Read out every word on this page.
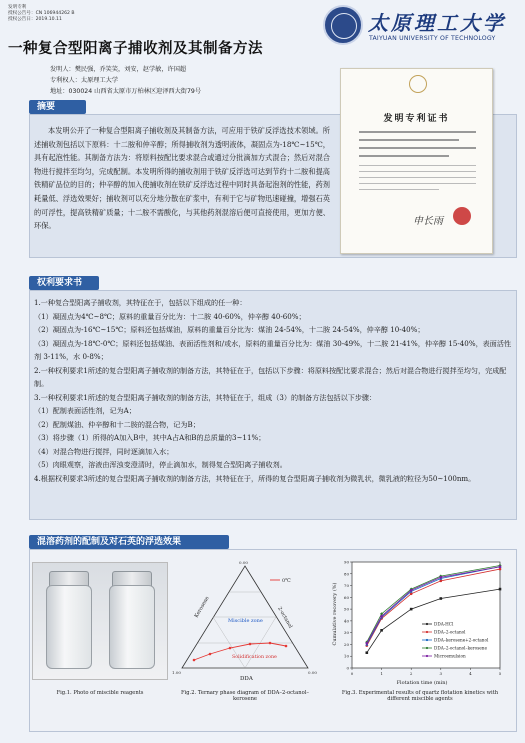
发明专利
授权公告号：CN 106944262 B
授权公告日：2019.10.11
一种复合型阳离子捕收剂及其制备方法
太原理工大学
TAIYUAN UNIVERSITY OF TECHNOLOGY
发明人：樊民强，乔笑笑，刘安，赵学敏，许国超
专利权人：太原理工大学
地址：030024 山西省太原市万柏林区迎泽西大街79号
摘要
本发明公开了一种复合型阳离子捕收剂及其制备方法，可应用于铁矿反浮选技术领域。所述捕收剂包括以下原料：十二胺和仲辛醇；所得捕收剂为透明液体，凝固点为-18℃~15℃，具有起泡性能。其制备方法为：将原料按配比要求混合或通过分批滴加方式混合；然后对混合物进行搅拌至均匀，完成配制。本发明所得的捕收剂用于铁矿反浮选可达到节约十二胺和提高铁精矿品位的目的；仲辛醇的加入使捕收剂在铁矿反浮选过程中同时具备起泡剂的性能，药剂耗量低、浮选效果好；捕收剂可以充分地分散在矿浆中，有利于它与矿物迅速碰撞，增强石英的可浮性，提高铁精矿质量；十二胺不需酸化，与其他药剂混溶后便可直接使用，更加方便、环保。
发明专利证书
申长雨
权利要求书

1.一种复合型阳离子捕收剂，其特征在于，包括以下组成的任一种：

（1）凝固点为4℃~8℃；原料的重量百分比为：十二胺 40-60%，仲辛醇 40-60%；

（2）凝固点为-16℃~15℃；原料还包括煤油，原料的重量百分比为：煤油 24-54%，十二胺 24-54%，仲辛醇 10-40%；

（3）凝固点为-18℃-0℃；原料还包括煤油、表面活性剂和/或水，原料的重量百分比为：煤油 30-49%，十二胺 21-41%，仲辛醇 15-40%，表面活性剂 3-11%，水 0-8%；

2.一种权利要求1所述的复合型阳离子捕收剂的制备方法，其特征在于，包括以下步骤：将原料按配比要求混合；然后对混合物进行搅拌至均匀，完成配制。

3.一种权利要求1所述的复合型阳离子捕收剂的制备方法，其特征在于，组成（3）的制备方法包括以下步骤：

（1）配制表面活性剂，记为A；

（2）配制煤油、仲辛醇和十二胺的混合物，记为B；

（3）将步骤（1）所得的A加入B中，其中A占A和B的总质量的3~11%；

（4）对混合物进行搅拌，同时逐滴加入水；

（5）肉眼观察，溶液由浑浊变澄清时，停止滴加水，制得复合型阳离子捕收剂。

4.根据权利要求3所述的复合型阳离子捕收剂的制备方法，其特征在于，所得的复合型阳离子捕收剂为微乳状，微乳液的粒径为50~100nm。

混溶药剂的配制及对石英的浮选效果
Fig.1. Photo of miscible reagents
0℃
Miscible zone
Solidification zone
DDA
2-octanol
Kerosene
0.00
1.00	0.00
Fig.2. Ternary phase diagram of DDA–2-octanol–kerosene
0
10
20
30
40
50
60
70
80
90
0	1	2	3	4	5
DDA-HCl
DDA–2-octanol
DDA–kerosene+2-octanol
DDA–2-octanol–kerosene
Microemulsion
Flotation time (min)
Cumulative recovery (%)
Fig.3. Experimental results of quartz flotation kinetics with different miscible agents
